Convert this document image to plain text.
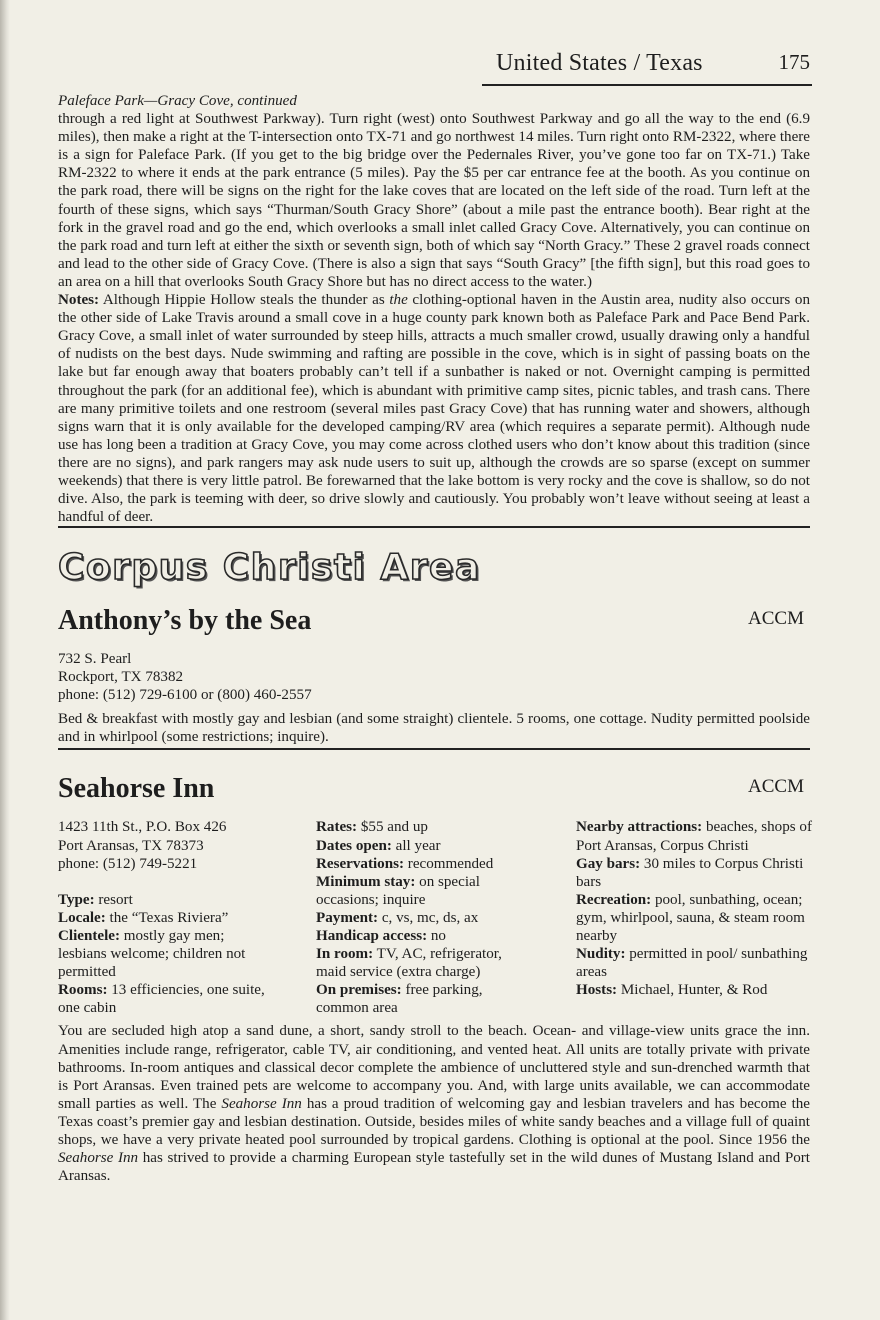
United States / Texas	175
Paleface Park—Gracy Cove, continued
through a red light at Southwest Parkway). Turn right (west) onto Southwest Parkway and go all the way to the end (6.9 miles), then make a right at the T-intersection onto TX-71 and go northwest 14 miles. Turn right onto RM-2322, where there is a sign for Paleface Park. (If you get to the big bridge over the Pedernales River, you’ve gone too far on TX-71.) Take RM-2322 to where it ends at the park entrance (5 miles). Pay the $5 per car entrance fee at the booth. As you continue on the park road, there will be signs on the right for the lake coves that are located on the left side of the road. Turn left at the fourth of these signs, which says “Thurman/South Gracy Shore” (about a mile past the entrance booth). Bear right at the fork in the gravel road and go the end, which overlooks a small inlet called Gracy Cove. Alternatively, you can continue on the park road and turn left at either the sixth or seventh sign, both of which say “North Gracy.” These 2 gravel roads connect and lead to the other side of Gracy Cove. (There is also a sign that says “South Gracy” [the fifth sign], but this road goes to an area on a hill that overlooks South Gracy Shore but has no direct access to the water.)
Notes: Although Hippie Hollow steals the thunder as the clothing-optional haven in the Austin area, nudity also occurs on the other side of Lake Travis around a small cove in a huge county park known both as Paleface Park and Pace Bend Park. Gracy Cove, a small inlet of water surrounded by steep hills, attracts a much smaller crowd, usually drawing only a handful of nudists on the best days. Nude swimming and rafting are possible in the cove, which is in sight of passing boats on the lake but far enough away that boaters probably can’t tell if a sunbather is naked or not. Overnight camping is permitted throughout the park (for an additional fee), which is abundant with primitive camp sites, picnic tables, and trash cans. There are many primitive toilets and one restroom (several miles past Gracy Cove) that has running water and showers, although signs warn that it is only available for the developed camping/RV area (which requires a separate permit). Although nude use has long been a tradition at Gracy Cove, you may come across clothed users who don’t know about this tradition (since there are no signs), and park rangers may ask nude users to suit up, although the crowds are so sparse (except on summer weekends) that there is very little patrol. Be forewarned that the lake bottom is very rocky and the cove is shallow, so do not dive. Also, the park is teeming with deer, so drive slowly and cautiously. You probably won’t leave without seeing at least a handful of deer.
Corpus Christi Area
Anthony’s by the Sea	ACCM
732 S. Pearl
Rockport, TX 78382
phone: (512) 729-6100 or (800) 460-2557
Bed & breakfast with mostly gay and lesbian (and some straight) clientele. 5 rooms, one cottage. Nudity permitted poolside and in whirlpool (some restrictions; inquire).
Seahorse Inn	ACCM
1423 11th St., P.O. Box 426
Port Aransas, TX 78373
phone: (512) 749-5221
Type: resort
Locale: the “Texas Riviera”
Clientele: mostly gay men; lesbians welcome; children not permitted
Rooms: 13 efficiencies, one suite, one cabin
Rates: $55 and up
Dates open: all year
Reservations: recommended
Minimum stay: on special occasions; inquire
Payment: c, vs, mc, ds, ax
Handicap access: no
In room: TV, AC, refrigerator, maid service (extra charge)
On premises: free parking, common area
Nearby attractions: beaches, shops of Port Aransas, Corpus Christi
Gay bars: 30 miles to Corpus Christi bars
Recreation: pool, sunbathing, ocean; gym, whirlpool, sauna, & steam room nearby
Nudity: permitted in pool/ sunbathing areas
Hosts: Michael, Hunter, & Rod
You are secluded high atop a sand dune, a short, sandy stroll to the beach. Ocean- and village-view units grace the inn. Amenities include range, refrigerator, cable TV, air conditioning, and vented heat. All units are totally private with private bathrooms. In-room antiques and classical decor complete the ambience of uncluttered style and sun-drenched warmth that is Port Aransas. Even trained pets are welcome to accompany you. And, with large units available, we can accommodate small parties as well. The Seahorse Inn has a proud tradition of welcoming gay and lesbian travelers and has become the Texas coast’s premier gay and lesbian destination. Outside, besides miles of white sandy beaches and a village full of quaint shops, we have a very private heated pool surrounded by tropical gardens. Clothing is optional at the pool. Since 1956 the Seahorse Inn has strived to provide a charming European style tastefully set in the wild dunes of Mustang Island and Port Aransas.
